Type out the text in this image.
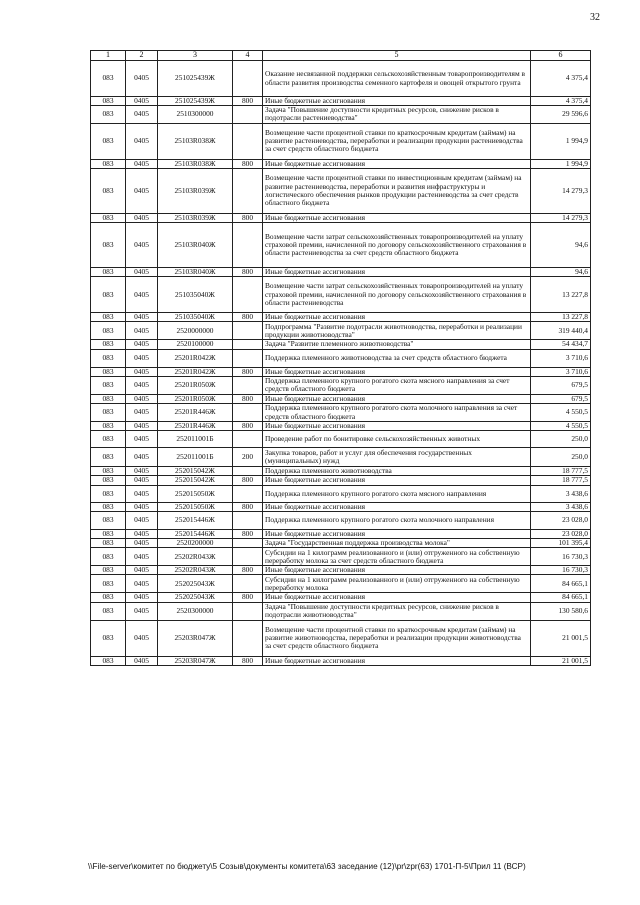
32
1	2	3	4	5	6
083	0405	251025439Ж		Оказание несвязанной поддержки сельскохозяйственным товаропроизводителям в области развития производства семенного картофеля и овощей открытого грунта	4 375,4
083	0405	251025439Ж	800	Иные бюджетные ассигнования	4 375,4
083	0405	2510300000		Задача "Повышение доступности кредитных ресурсов, снижение рисков в подотрасли растениеводства"	29 596,6
083	0405	25103R038Ж		Возмещение части процентной ставки по краткосрочным кредитам (займам) на развитие растениеводства, переработки и реализации продукции растениеводства за счет средств областного бюджета	1 994,9
083	0405	25103R038Ж	800	Иные бюджетные ассигнования	1 994,9
083	0405	25103R039Ж		Возмещение части процентной ставки по инвестиционным кредитам (займам) на развитие растениеводства, переработки и развития инфраструктуры и логистического обеспечения рынков продукции растениеводства за счет средств областного бюджета	14 279,3
083	0405	25103R039Ж	800	Иные бюджетные ассигнования	14 279,3
083	0405	25103R040Ж		Возмещение части затрат сельскохозяйственных товаропроизводителей на уплату страховой премии, начисленной по договору сельскохозяйственного страхования в области растениеводства за счет средств областного бюджета	94,6
083	0405	25103R040Ж	800	Иные бюджетные ассигнования	94,6
083	0405	251035040Ж		Возмещение части затрат сельскохозяйственных товаропроизводителей на уплату страховой премии, начисленной по договору сельскохозяйственного страхования в области растениеводства	13 227,8
083	0405	251035040Ж	800	Иные бюджетные ассигнования	13 227,8
083	0405	2520000000		Подпрограмма "Развитие подотрасли животноводства, переработки и реализации продукции животноводства"	319 440,4
083	0405	2520100000		Задача "Развитие племенного животноводства"	54 434,7
083	0405	25201R042Ж		Поддержка племенного животноводства за счет средств областного бюджета	3 710,6
083	0405	25201R042Ж	800	Иные бюджетные ассигнования	3 710,6
083	0405	25201R050Ж		Поддержка племенного крупного рогатого скота мясного направления за счет средств областного бюджета	679,5
083	0405	25201R050Ж	800	Иные бюджетные ассигнования	679,5
083	0405	25201R446Ж		Поддержка племенного крупного рогатого скота молочного направления за счет средств областного бюджета	4 550,5
083	0405	25201R446Ж	800	Иные бюджетные ассигнования	4 550,5
083	0405	252011001Б		Проведение работ по бонитировке сельскохозяйственных животных	250,0
083	0405	252011001Б	200	Закупка товаров, работ и услуг для обеспечения государственных (муниципальных) нужд	250,0
083	0405	252015042Ж		Поддержка племенного животноводства	18 777,5
083	0405	252015042Ж	800	Иные бюджетные ассигнования	18 777,5
083	0405	252015050Ж		Поддержка племенного крупного рогатого скота мясного направления	3 438,6
083	0405	252015050Ж	800	Иные бюджетные ассигнования	3 438,6
083	0405	252015446Ж		Поддержка племенного крупного рогатого скота молочного направления	23 028,0
083	0405	252015446Ж	800	Иные бюджетные ассигнования	23 028,0
083	0405	2520200000		Задача "Государственная поддержка производства молока"	101 395,4
083	0405	25202R043Ж		Субсидии на 1 килограмм реализованного и (или) отгруженного на собственную переработку молока за счет средств областного бюджета	16 730,3
083	0405	25202R043Ж	800	Иные бюджетные ассигнования	16 730,3
083	0405	252025043Ж		Субсидии на 1 килограмм реализованного и (или) отгруженного на собственную переработку молока	84 665,1
083	0405	252025043Ж	800	Иные бюджетные ассигнования	84 665,1
083	0405	2520300000		Задача "Повышение доступности кредитных ресурсов, снижение рисков в подотрасли животноводства"	130 580,6
083	0405	25203R047Ж		Возмещение части процентной ставки по краткосрочным кредитам (займам) на развитие животноводства, переработки и реализации продукции животноводства за счет средств областного бюджета	21 001,5
083	0405	25203R047Ж	800	Иные бюджетные ассигнования	21 001,5
\\File-server\комитет по бюджету\5 Созыв\документы комитета\63 заседание (12)\pr\zpr(63) 1701-П-5\Прил 11 (ВСР)
